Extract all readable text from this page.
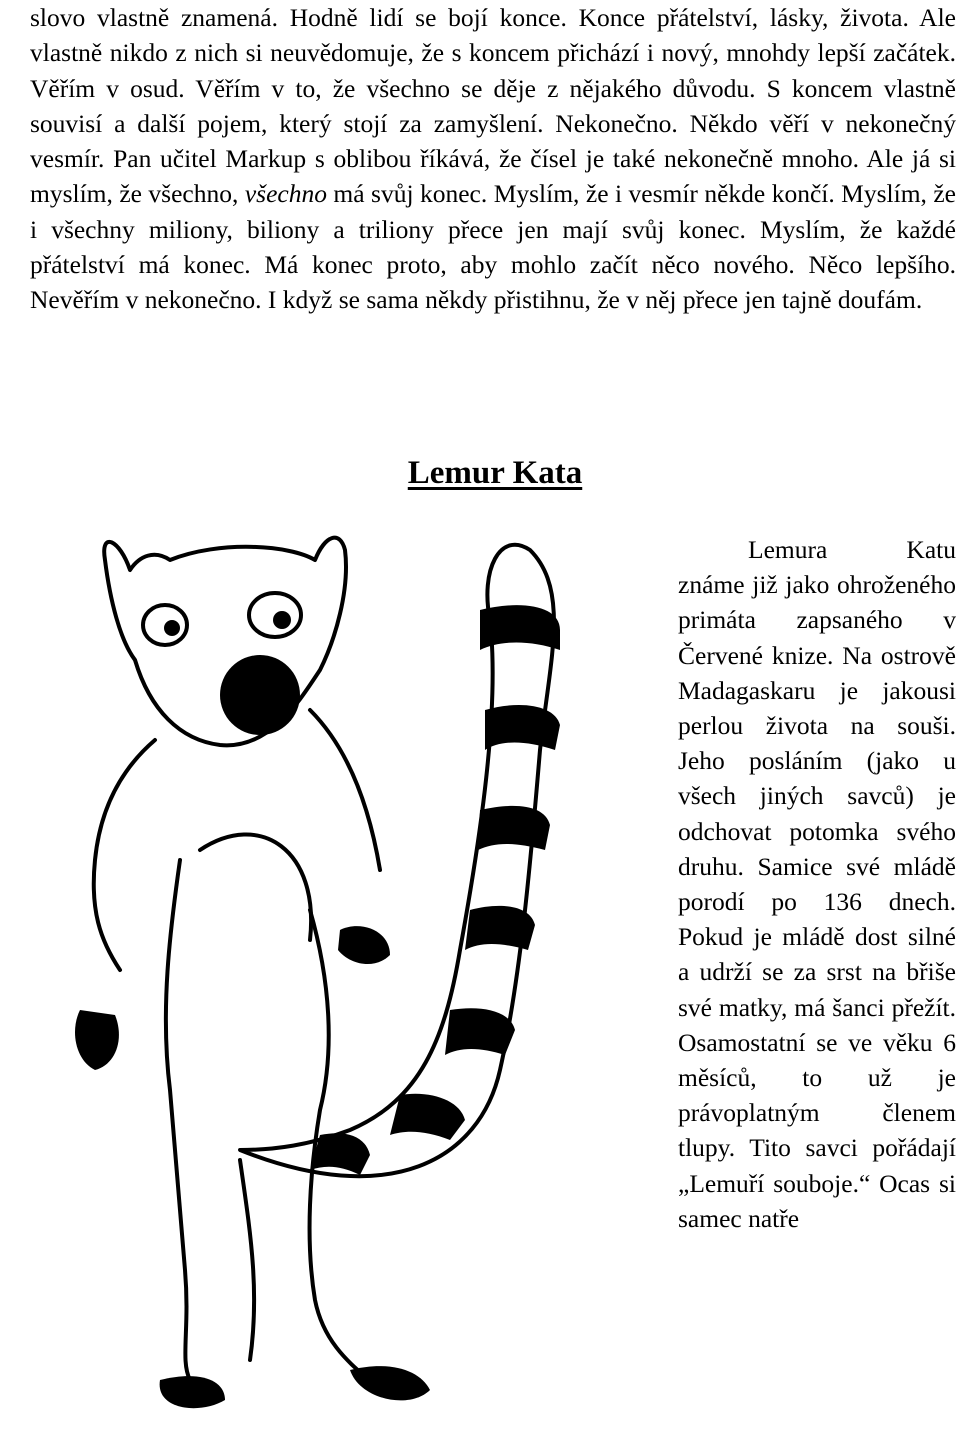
slovo vlastně znamená. Hodně lidí se bojí konce. Konce přátelství, lásky, života. Ale vlastně nikdo z nich si neuvědomuje, že s koncem přichází i nový, mnohdy lepší začátek. Věřím v osud. Věřím v to, že všechno se děje z nějakého důvodu. S koncem vlastně souvisí a další pojem, který stojí za zamyšlení. Nekonečno. Někdo věří v nekonečný vesmír. Pan učitel Markup s oblibou říkává, že čísel je také nekonečně mnoho. Ale já si myslím, že všechno, všechno má svůj konec. Myslím, že i vesmír někde končí. Myslím, že i všechny miliony, biliony a triliony přece jen mají svůj konec. Myslím, že každé přátelství má konec. Má konec proto, aby mohlo začít něco nového. Něco lepšího. Nevěřím v nekonečno. I když se sama někdy přistihnu, že v něj přece jen tajně doufám.

Lemur Kata

Lemura Katu známe již jako ohroženého primáta zapsaného v Červené knize. Na ostrově Madagaskaru je jakousi perlou života na souši. Jeho posláním (jako u všech jiných savců) je odchovat potomka svého druhu. Samice své mládě porodí po 136 dnech. Pokud je mládě dost silné a udrží se za srst na břiše své matky, má šanci přežít. Osamostatní se ve věku 6 měsíců, to už je právoplatným členem tlupy. Tito savci pořádají „Lemuří souboje.“ Ocas si samec natře
